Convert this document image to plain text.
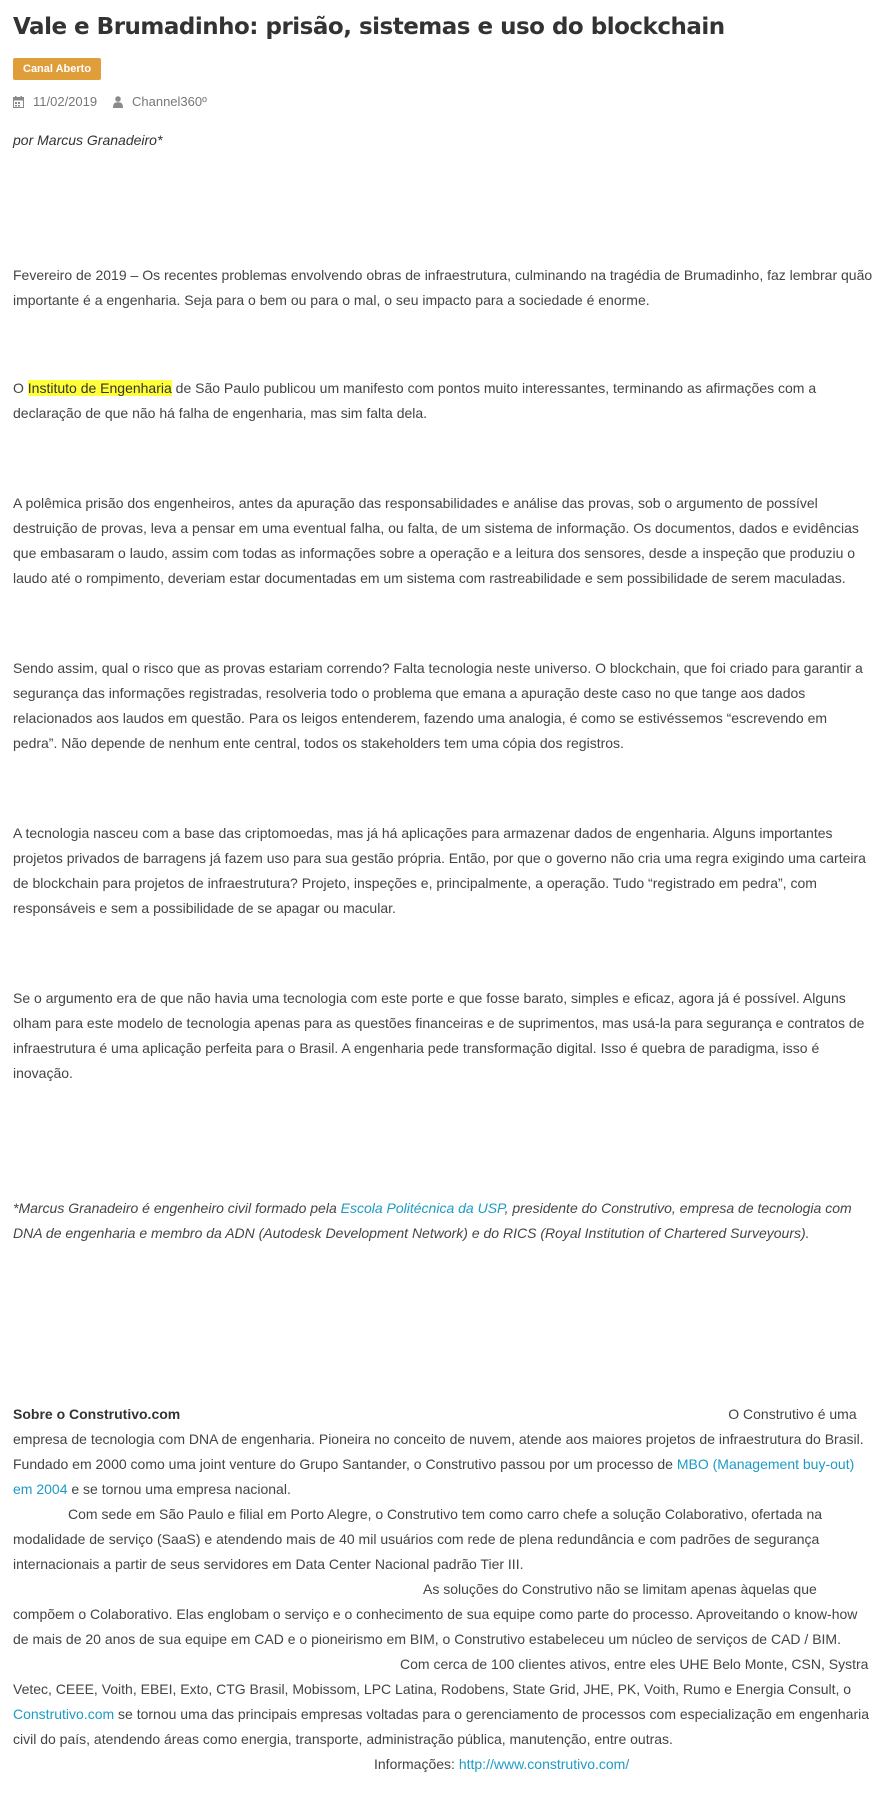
Vale e Brumadinho: prisão, sistemas e uso do blockchain
Canal Aberto
11/02/2019	Channel360º
por Marcus Granadeiro*

Fevereiro de 2019 – Os recentes problemas envolvendo obras de infraestrutura, culminando na tragédia de Brumadinho, faz lembrar quão importante é a engenharia. Seja para o bem ou para o mal, o seu impacto para a sociedade é enorme.

O Instituto de Engenharia de São Paulo publicou um manifesto com pontos muito interessantes, terminando as afirmações com a declaração de que não há falha de engenharia, mas sim falta dela.

A polêmica prisão dos engenheiros, antes da apuração das responsabilidades e análise das provas, sob o argumento de possível destruição de provas, leva a pensar em uma eventual falha, ou falta, de um sistema de informação. Os documentos, dados e evidências que embasaram o laudo, assim com todas as informações sobre a operação e a leitura dos sensores, desde a inspeção que produziu o laudo até o rompimento, deveriam estar documentadas em um sistema com rastreabilidade e sem possibilidade de serem maculadas.

Sendo assim, qual o risco que as provas estariam correndo? Falta tecnologia neste universo. O blockchain, que foi criado para garantir a segurança das informações registradas, resolveria todo o problema que emana a apuração deste caso no que tange aos dados relacionados aos laudos em questão. Para os leigos entenderem, fazendo uma analogia, é como se estivéssemos “escrevendo em pedra”. Não depende de nenhum ente central, todos os stakeholders tem uma cópia dos registros.

A tecnologia nasceu com a base das criptomoedas, mas já há aplicações para armazenar dados de engenharia. Alguns importantes projetos privados de barragens já fazem uso para sua gestão própria. Então, por que o governo não cria uma regra exigindo uma carteira de blockchain para projetos de infraestrutura? Projeto, inspeções e, principalmente, a operação. Tudo “registrado em pedra”, com responsáveis e sem a possibilidade de se apagar ou macular.

Se o argumento era de que não havia uma tecnologia com este porte e que fosse barato, simples e eficaz, agora já é possível. Alguns olham para este modelo de tecnologia apenas para as questões financeiras e de suprimentos, mas usá-la para segurança e contratos de infraestrutura é uma aplicação perfeita para o Brasil. A engenharia pede transformação digital. Isso é quebra de paradigma, isso é inovação.

*Marcus Granadeiro é engenheiro civil formado pela Escola Politécnica da USP, presidente do Construtivo, empresa de tecnologia com DNA de engenharia e membro da ADN (Autodesk Development Network) e do RICS (Royal Institution of Chartered Surveyours).

Sobre o Construtivo.com	O Construtivo é uma empresa de tecnologia com DNA de engenharia. Pioneira no conceito de nuvem, atende aos maiores projetos de infraestrutura do Brasil. Fundado em 2000 como uma joint venture do Grupo Santander, o Construtivo passou por um processo de MBO (Management buy-out) em 2004 e se tornou uma empresa nacional.
Com sede em São Paulo e filial em Porto Alegre, o Construtivo tem como carro chefe a solução Colaborativo, ofertada na modalidade de serviço (SaaS) e atendendo mais de 40 mil usuários com rede de plena redundância e com padrões de segurança internacionais a partir de seus servidores em Data Center Nacional padrão Tier III.As soluções do Construtivo não se limitam apenas àquelas que compõem o Colaborativo. Elas englobam o serviço e o conhecimento de sua equipe como parte do processo. Aproveitando o know-how de mais de 20 anos de sua equipe em CAD e o pioneirismo em BIM, o Construtivo estabeleceu um núcleo de serviços de CAD / BIM.Com cerca de 100 clientes ativos, entre eles UHE Belo Monte, CSN, Systra Vetec, CEEE, Voith, EBEI, Exto, CTG Brasil, Mobissom, LPC Latina, Rodobens, State Grid, JHE, PK, Voith, Rumo e Energia Consult, o Construtivo.com se tornou uma das principais empresas voltadas para o gerenciamento de processos com especialização em engenharia civil do país, atendendo áreas como energia, transporte, administração pública, manutenção, entre outras.Informações: http://www.construtivo.com/
